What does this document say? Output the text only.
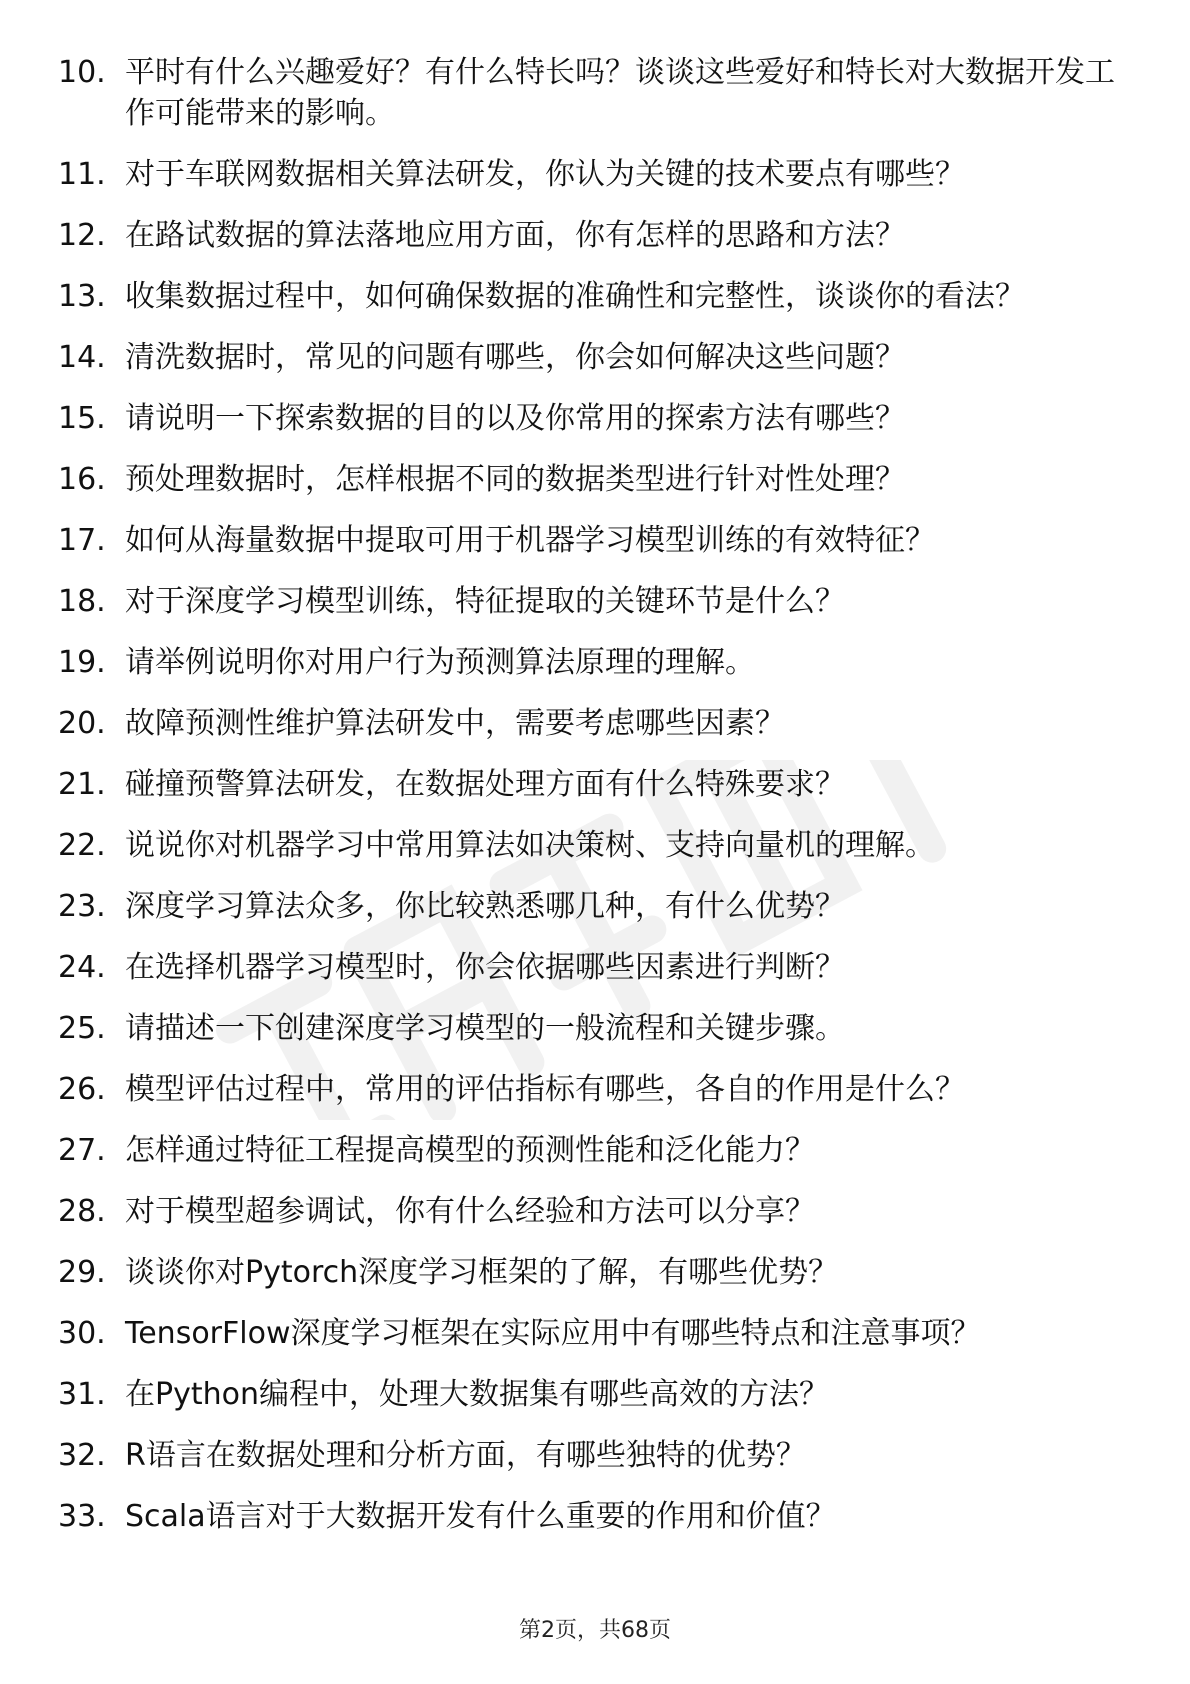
10. 平时有什么兴趣爱好？有什么特长吗？谈谈这些爱好和特长对大数据开发工作可能带来的影响。
11. 对于车联网数据相关算法研发，你认为关键的技术要点有哪些？
12. 在路试数据的算法落地应用方面，你有怎样的思路和方法？
13. 收集数据过程中，如何确保数据的准确性和完整性，谈谈你的看法？
14. 清洗数据时，常见的问题有哪些，你会如何解决这些问题？
15. 请说明一下探索数据的目的以及你常用的探索方法有哪些？
16. 预处理数据时，怎样根据不同的数据类型进行针对性处理？
17. 如何从海量数据中提取可用于机器学习模型训练的有效特征？
18. 对于深度学习模型训练，特征提取的关键环节是什么？
19. 请举例说明你对用户行为预测算法原理的理解。
20. 故障预测性维护算法研发中，需要考虑哪些因素？
21. 碰撞预警算法研发，在数据处理方面有什么特殊要求？
22. 说说你对机器学习中常用算法如决策树、支持向量机的理解。
23. 深度学习算法众多，你比较熟悉哪几种，有什么优势？
24. 在选择机器学习模型时，你会依据哪些因素进行判断？
25. 请描述一下创建深度学习模型的一般流程和关键步骤。
26. 模型评估过程中，常用的评估指标有哪些，各自的作用是什么？
27. 怎样通过特征工程提高模型的预测性能和泛化能力？
28. 对于模型超参调试，你有什么经验和方法可以分享？
29. 谈谈你对Pytorch深度学习框架的了解，有哪些优势？
30. TensorFlow深度学习框架在实际应用中有哪些特点和注意事项？
31. 在Python编程中，处理大数据集有哪些高效的方法？
32. R语言在数据处理和分析方面，有哪些独特的优势？
33. Scala语言对于大数据开发有什么重要的作用和价值？
第2页，共68页
